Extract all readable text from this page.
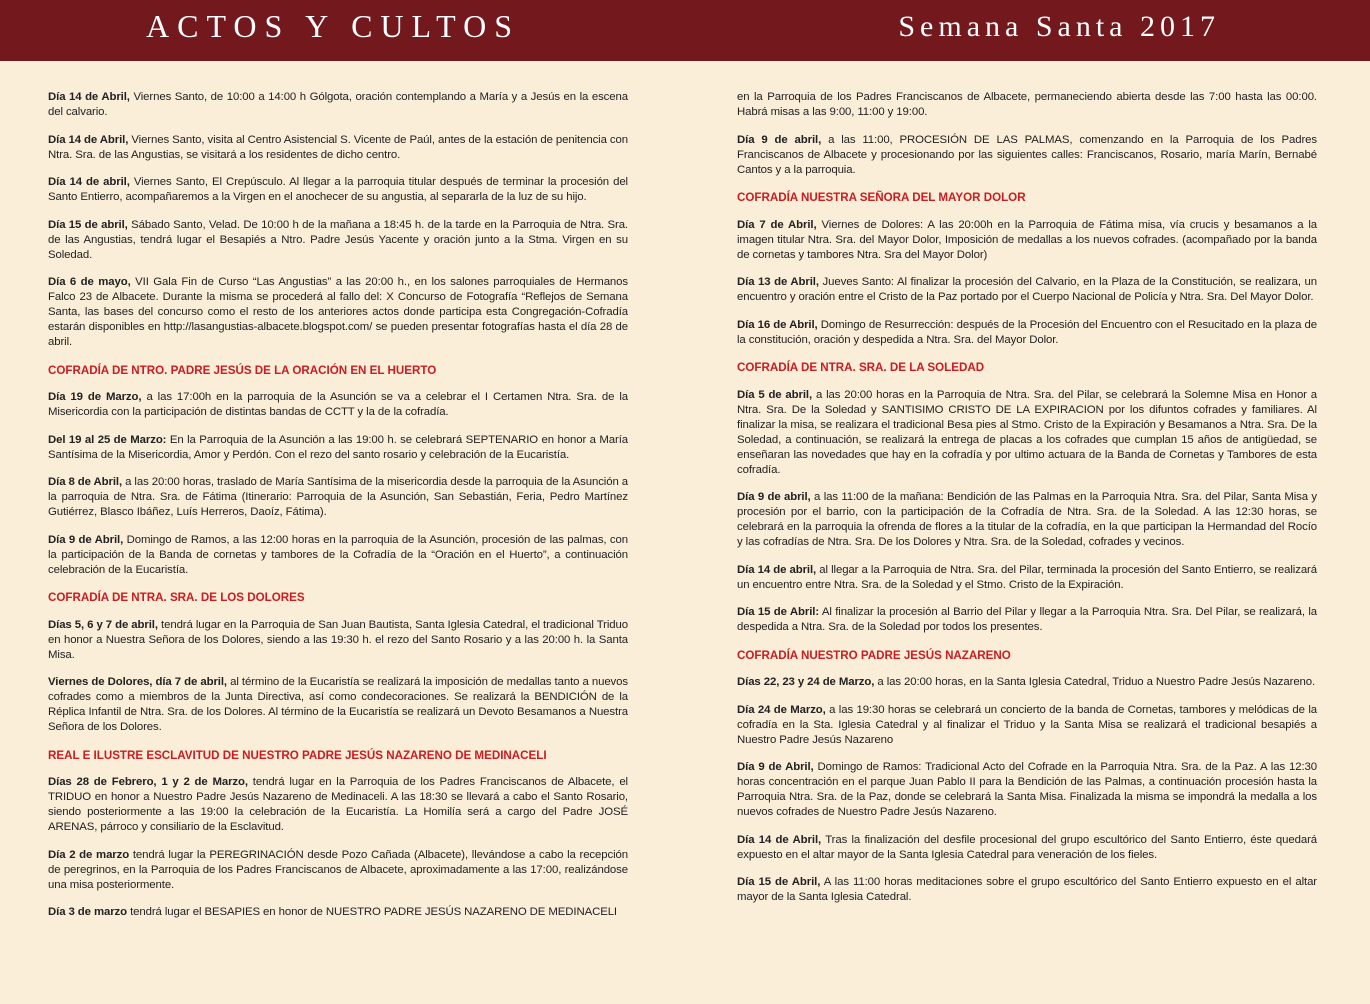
ACTOS Y CULTOS	Semana Santa 2017

Día 14 de Abril, Viernes Santo, de 10:00 a 14:00 h Gólgota, oración contemplando a María y a Jesús en la escena del calvario.

Día 14 de Abril, Viernes Santo, visita al Centro Asistencial S. Vicente de Paúl, antes de la estación de penitencia con Ntra. Sra. de las Angustias, se visitará a los residentes de dicho centro.

Día 14 de abril, Viernes Santo, El Crepúsculo. Al llegar a la parroquia titular después de terminar la procesión del Santo Entierro, acompañaremos a la Virgen en el anochecer de su angustia, al separarla de la luz de su hijo.

Día 15 de abril, Sábado Santo, Velad. De 10:00 h de la mañana a 18:45 h. de la tarde en la Parroquia de Ntra. Sra. de las Angustias, tendrá lugar el Besapiés a Ntro. Padre Jesús Yacente y oración junto a la Stma. Virgen en su Soledad.

Día 6 de mayo, VII Gala Fin de Curso “Las Angustias” a las 20:00 h., en los salones parroquiales de Hermanos Falco 23 de Albacete. Durante la misma se procederá al fallo del: X Concurso de Fotografía “Reflejos de Semana Santa, las bases del concurso como el resto de los anteriores actos donde participa esta Congregación-Cofradía estarán disponibles en http://lasangustias-albacete.blogspot.com/ se pueden presentar fotografías hasta el día 28 de abril.

COFRADÍA DE NTRO. PADRE JESÚS DE LA ORACIÓN EN EL HUERTO

Día 19 de Marzo, a las 17:00h en la parroquia de la Asunción se va a celebrar el I Certamen Ntra. Sra. de la Misericordia con la participación de distintas bandas de CCTT y la de la cofradía.

Del 19 al 25 de Marzo: En la Parroquia de la Asunción a las 19:00 h. se celebrará SEPTENARIO en honor a María Santísima de la Misericordia, Amor y Perdón. Con el rezo del santo rosario y celebración de la Eucaristía.

Día 8 de Abril, a las 20:00 horas, traslado de María Santísima de la misericordia desde la parroquia de la Asunción a la parroquia de Ntra. Sra. de Fátima (Itinerario: Parroquia de la Asunción, San Sebastián, Feria, Pedro Martínez Gutiérrez, Blasco Ibáñez, Luís Herreros, Daoíz, Fátima).

Día 9 de Abril, Domingo de Ramos, a las 12:00 horas en la parroquia de la Asunción, procesión de las palmas, con la participación de la Banda de cornetas y tambores de la Cofradía de la “Oración en el Huerto”, a continuación celebración de la Eucaristía.

COFRADÍA DE NTRA. SRA. DE LOS DOLORES

Días 5, 6 y 7 de abril, tendrá lugar en la Parroquia de San Juan Bautista, Santa Iglesia Catedral, el tradicional Triduo en honor a Nuestra Señora de los Dolores, siendo a las 19:30 h. el rezo del Santo Rosario y a las 20:00 h. la Santa Misa.

Viernes de Dolores, día 7 de abril, al término de la Eucaristía se realizará la imposición de medallas tanto a nuevos cofrades como a miembros de la Junta Directiva, así como condecoraciones. Se realizará la BENDICIÓN de la Réplica Infantil de Ntra. Sra. de los Dolores. Al término de la Eucaristía se realizará un Devoto Besamanos a Nuestra Señora de los Dolores.

REAL E ILUSTRE ESCLAVITUD DE NUESTRO PADRE JESÚS NAZARENO DE MEDINACELI

Días 28 de Febrero, 1 y 2 de Marzo, tendrá lugar en la Parroquia de los Padres Franciscanos de Albacete, el TRIDUO en honor a Nuestro Padre Jesús Nazareno de Medinaceli. A las 18:30 se llevará a cabo el Santo Rosario, siendo posteriormente a las 19:00 la celebración de la Eucaristía. La Homilía será a cargo del Padre JOSÉ ARENAS, párroco y consiliario de la Esclavitud.

Día 2 de marzo tendrá lugar la PEREGRINACIÓN desde Pozo Cañada (Albacete), llevándose a cabo la recepción de peregrinos, en la Parroquia de los Padres Franciscanos de Albacete, aproximadamente a las 17:00, realizándose una misa posteriormente.

Día 3 de marzo tendrá lugar el BESAPIES en honor de NUESTRO PADRE JESÚS NAZARENO DE MEDINACELI

en la Parroquia de los Padres Franciscanos de Albacete, permaneciendo abierta desde las 7:00 hasta las 00:00. Habrá misas a las 9:00, 11:00 y 19:00.

Día 9 de abril, a las 11:00, PROCESIÓN DE LAS PALMAS, comenzando en la Parroquia de los Padres Franciscanos de Albacete y procesionando por las siguientes calles: Franciscanos, Rosario, maría Marín, Bernabé Cantos y a la parroquia.

COFRADÍA NUESTRA SEÑORA DEL MAYOR DOLOR

Día 7 de Abril, Viernes de Dolores: A las 20:00h en la Parroquia de Fátima misa, vía crucis y besamanos a la imagen titular Ntra. Sra. del Mayor Dolor, Imposición de medallas a los nuevos cofrades. (acompañado por la banda de cornetas y tambores Ntra. Sra del Mayor Dolor)

Día 13 de Abril, Jueves Santo: Al finalizar la procesión del Calvario, en la Plaza de la Constitución, se realizara, un encuentro y oración entre el Cristo de la Paz portado por el Cuerpo Nacional de Policía y Ntra. Sra. Del Mayor Dolor.

Día 16 de Abril, Domingo de Resurrección: después de la Procesión del Encuentro con el Resucitado en la plaza de la constitución, oración y despedida a Ntra. Sra. del Mayor Dolor.

COFRADÍA DE NTRA. SRA. DE LA SOLEDAD

Día 5 de abril, a las 20:00 horas en la Parroquia de Ntra. Sra. del Pilar, se celebrará la Solemne Misa en Honor a Ntra. Sra. De la Soledad y SANTISIMO CRISTO DE LA EXPIRACION por los difuntos cofrades y familiares. Al finalizar la misa, se realizara el tradicional Besa pies al Stmo. Cristo de la Expiración y Besamanos a Ntra. Sra. De la Soledad, a continuación, se realizará la entrega de placas a los cofrades que cumplan 15 años de antigüedad, se enseñaran las novedades que hay en la cofradía y por ultimo actuara de la Banda de Cornetas y Tambores de esta cofradía.

Día 9 de abril, a las 11:00 de la mañana: Bendición de las Palmas en la Parroquia Ntra. Sra. del Pilar, Santa Misa y procesión por el barrio, con la participación de la Cofradía de Ntra. Sra. de la Soledad. A las 12:30 horas, se celebrará en la parroquia la ofrenda de flores a la titular de la cofradía, en la que participan la Hermandad del Rocío y las cofradías de Ntra. Sra. De los Dolores y Ntra. Sra. de la Soledad, cofrades y vecinos.

Día 14 de abril, al llegar a la Parroquia de Ntra. Sra. del Pilar, terminada la procesión del Santo Entierro, se realizará un encuentro entre Ntra. Sra. de la Soledad y el Stmo. Cristo de la Expiración.

Día 15 de Abril: Al finalizar la procesión al Barrio del Pilar y llegar a la Parroquia Ntra. Sra. Del Pilar, se realizará, la despedida a Ntra. Sra. de la Soledad por todos los presentes.

COFRADÍA NUESTRO PADRE JESÚS NAZARENO

Días 22, 23 y 24 de Marzo, a las 20:00 horas, en la Santa Iglesia Catedral, Triduo a Nuestro Padre Jesús Nazareno.

Día 24 de Marzo, a las 19:30 horas se celebrará un concierto de la banda de Cornetas, tambores y melódicas de la cofradía en la Sta. Iglesia Catedral y al finalizar el Triduo y la Santa Misa se realizará el tradicional besapiés a Nuestro Padre Jesús Nazareno

Día 9 de Abril, Domingo de Ramos: Tradicional Acto del Cofrade en la Parroquia Ntra. Sra. de la Paz. A las 12:30 horas concentración en el parque Juan Pablo II para la Bendición de las Palmas, a continuación procesión hasta la Parroquia Ntra. Sra. de la Paz, donde se celebrará la Santa Misa. Finalizada la misma se impondrá la medalla a los nuevos cofrades de Nuestro Padre Jesús Nazareno.

Día 14 de Abril, Tras la finalización del desfile procesional del grupo escultórico del Santo Entierro, éste quedará expuesto en el altar mayor de la Santa Iglesia Catedral para veneración de los fieles.

Día 15 de Abril, A las 11:00 horas meditaciones sobre el grupo escultórico del Santo Entierro expuesto en el altar mayor de la Santa Iglesia Catedral.
